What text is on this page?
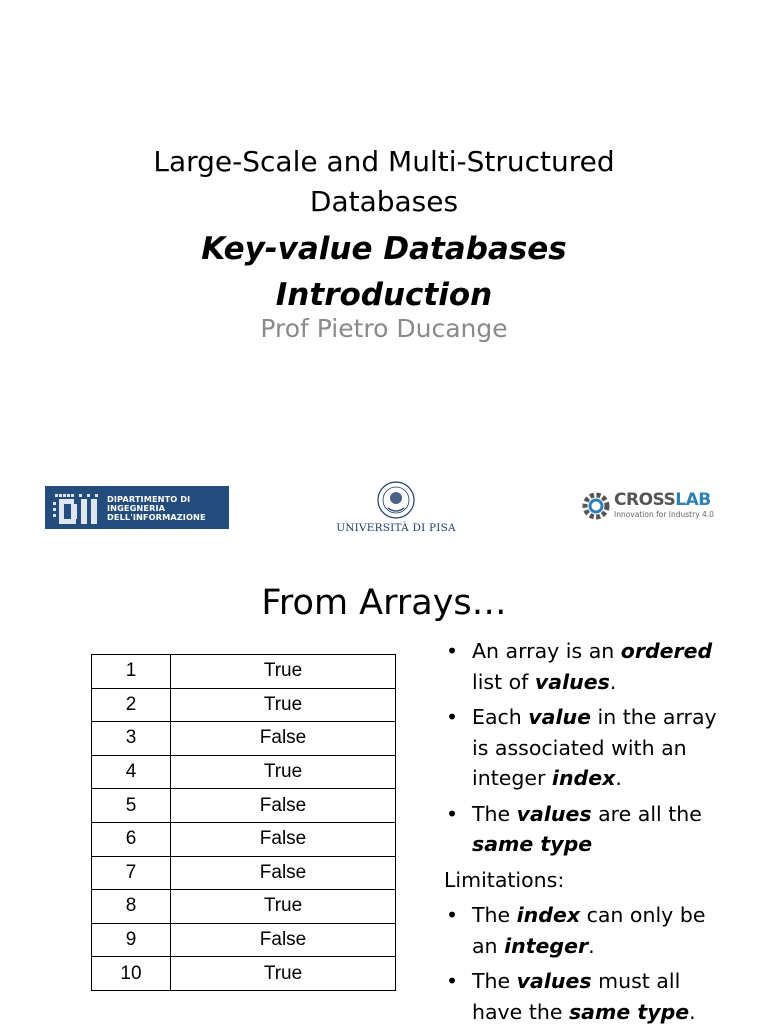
Large-Scale and Multi-Structured
Databases
Key-value Databases
Introduction
Prof Pietro Ducange
DIPARTIMENTO DI
INGEGNERIA
DELL'INFORMAZIONE
UNIVERSITÀ DI PISA
CROSSLAB
Innovation for Industry 4.0
From Arrays…
1	True
2	True
3	False
4	True
5	False
6	False
7	False
8	True
9	False
10	True
• An array is an ordered list of values.
• Each value in the array is associated with an integer index.
• The values are all the same type
Limitations:
• The index can only be an integer.
• The values must all have the same type.
